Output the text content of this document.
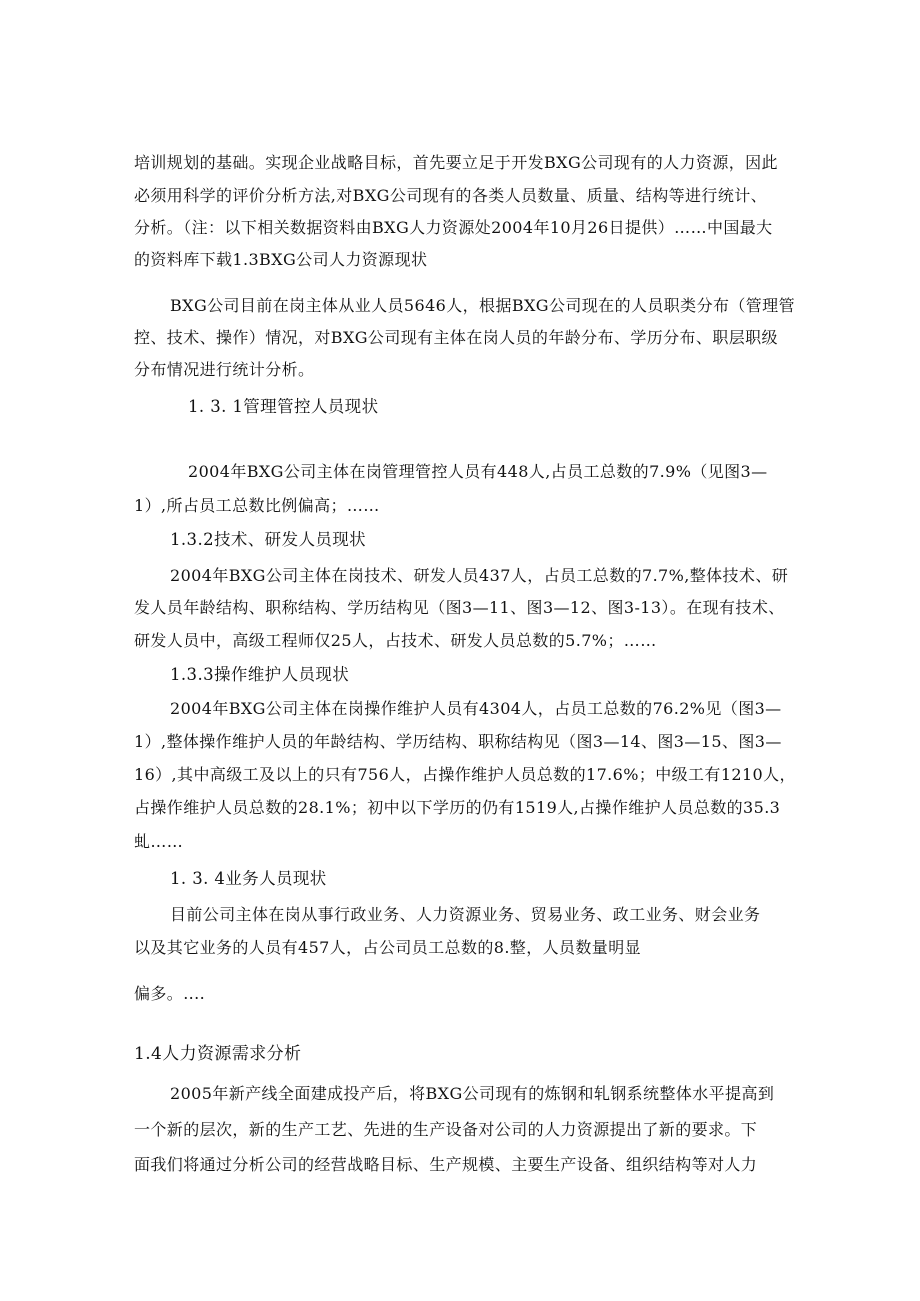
培训规划的基础。实现企业战略目标，首先要立足于开发BXG公司现有的人力资源，因此
必须用科学的评价分析方法,对BXG公司现有的各类人员数量、质量、结构等进行统计、
分析。（注：以下相关数据资料由BXG人力资源处2004年10月26日提供）……中国最大
的资料库下载1.3BXG公司人力资源现状
BXG公司目前在岗主体从业人员5646人，根据BXG公司现在的人员职类分布（管理管
控、技术、操作）情况，对BXG公司现有主体在岗人员的年龄分布、学历分布、职层职级
分布情况进行统计分析。
1. 3. 1管理管控人员现状
2004年BXG公司主体在岗管理管控人员有448人,占员工总数的7.9%（见图3—
1）,所占员工总数比例偏高；……
1.3.2技术、研发人员现状
2004年BXG公司主体在岗技术、研发人员437人，占员工总数的7.7%,整体技术、研
发人员年龄结构、职称结构、学历结构见（图3—11、图3—12、图3-13）。在现有技术、
研发人员中，高级工程师仅25人，占技术、研发人员总数的5.7%；……
1.3.3操作维护人员现状
2004年BXG公司主体在岗操作维护人员有4304人，占员工总数的76.2%见（图3—
1）,整体操作维护人员的年龄结构、学历结构、职称结构见（图3—14、图3—15、图3—
16）,其中高级工及以上的只有756人，占操作维护人员总数的17.6%；中级工有1210人，
占操作维护人员总数的28.1%；初中以下学历的仍有1519人,占操作维护人员总数的35.3
虬……
1. 3. 4业务人员现状
目前公司主体在岗从事行政业务、人力资源业务、贸易业务、政工业务、财会业务
以及其它业务的人员有457人，占公司员工总数的8.整，人员数量明显
偏多。....
1.4人力资源需求分析
2005年新产线全面建成投产后，将BXG公司现有的炼钢和轧钢系统整体水平提高到
一个新的层次，新的生产工艺、先进的生产设备对公司的人力资源提出了新的要求。下
面我们将通过分析公司的经营战略目标、生产规模、主要生产设备、组织结构等对人力
